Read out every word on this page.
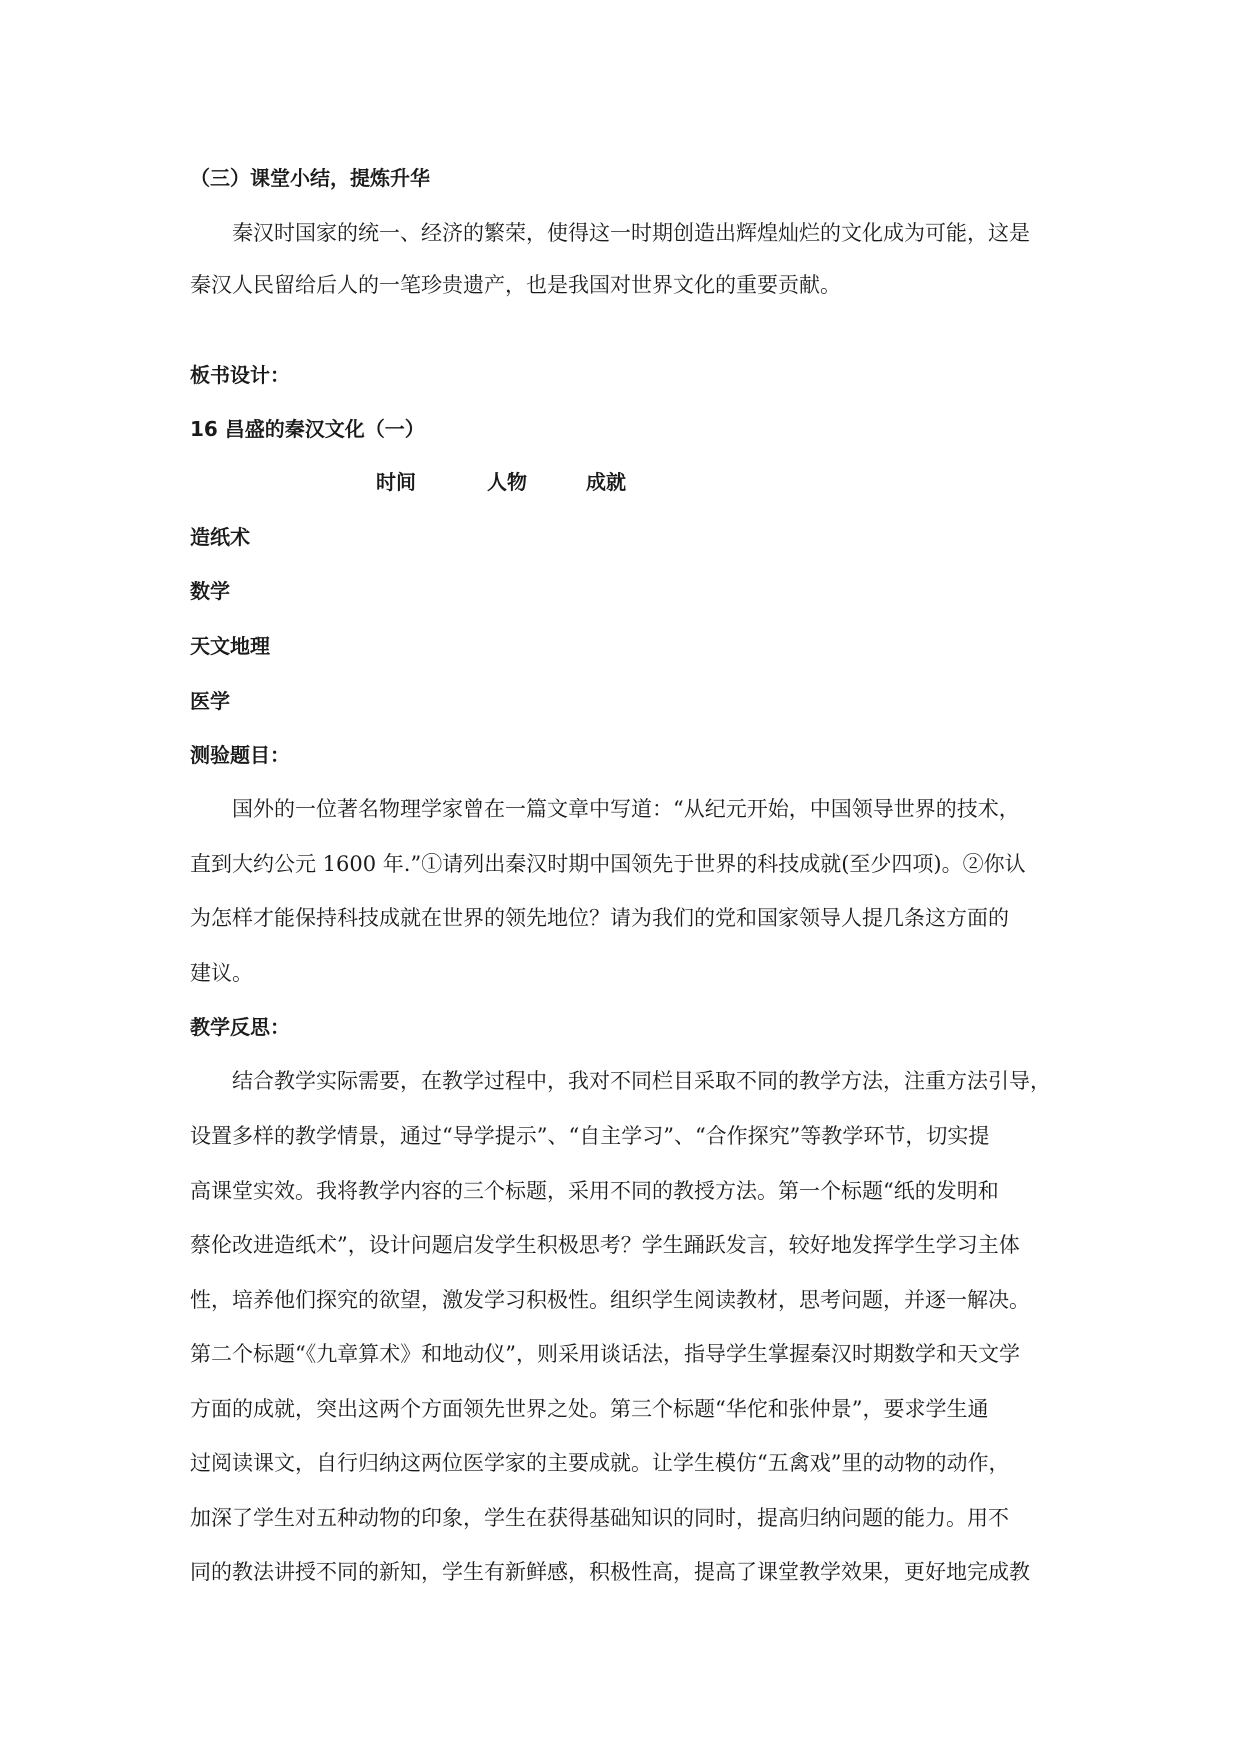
（三）课堂小结，提炼升华
秦汉时国家的统一、经济的繁荣，使得这一时期创造出辉煌灿烂的文化成为可能，这是
秦汉人民留给后人的一笔珍贵遗产，也是我国对世界文化的重要贡献。
板书设计：
16 昌盛的秦汉文化（一）
时间	人物	成就
造纸术
数学
天文地理
医学
测验题目：
国外的一位著名物理学家曾在一篇文章中写道：“从纪元开始，中国领导世界的技术，
直到大约公元 1600 年.”①请列出秦汉时期中国领先于世界的科技成就(至少四项)。②你认
为怎样才能保持科技成就在世界的领先地位？请为我们的党和国家领导人提几条这方面的
建议。
教学反思：
结合教学实际需要，在教学过程中，我对不同栏目采取不同的教学方法，注重方法引导，
设置多样的教学情景，通过“导学提示”、“自主学习”、“合作探究”等教学环节，切实提
高课堂实效。我将教学内容的三个标题，采用不同的教授方法。第一个标题“纸的发明和
蔡伦改进造纸术”，设计问题启发学生积极思考？学生踊跃发言，较好地发挥学生学习主体
性，培养他们探究的欲望，激发学习积极性。组织学生阅读教材，思考问题，并逐一解决。
第二个标题“《九章算术》和地动仪”，则采用谈话法，指导学生掌握秦汉时期数学和天文学
方面的成就，突出这两个方面领先世界之处。第三个标题“华佗和张仲景”，要求学生通
过阅读课文，自行归纳这两位医学家的主要成就。让学生模仿“五禽戏”里的动物的动作，
加深了学生对五种动物的印象，学生在获得基础知识的同时，提高归纳问题的能力。用不
同的教法讲授不同的新知，学生有新鲜感，积极性高，提高了课堂教学效果，更好地完成教
